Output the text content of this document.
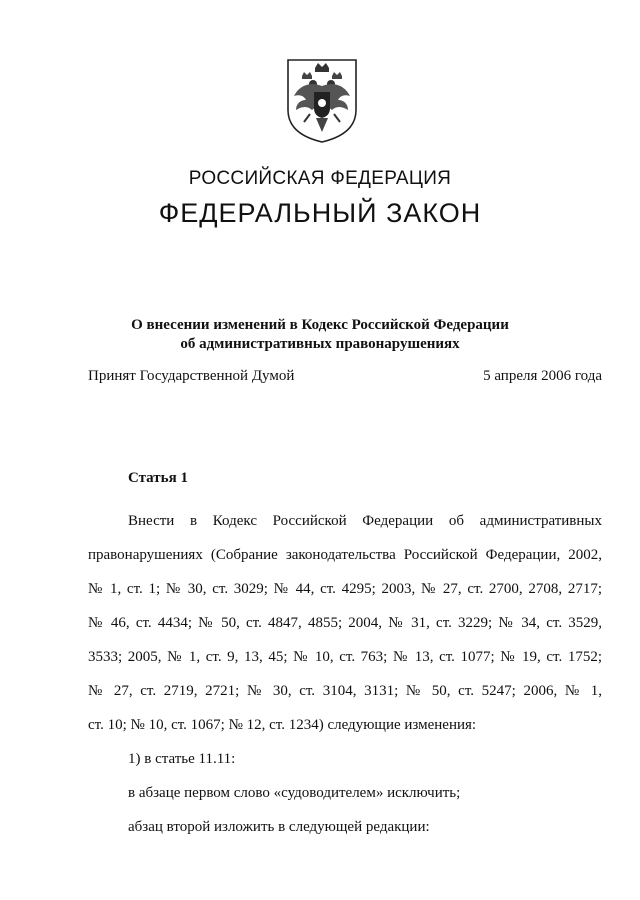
РОССИЙСКАЯ ФЕДЕРАЦИЯ
ФЕДЕРАЛЬНЫЙ ЗАКОН
О внесении изменений в Кодекс Российской Федерации
об административных правонарушениях
Принят Государственной Думой	5 апреля 2006 года
Статья 1

Внести в Кодекс Российской Федерации об административных

правонарушениях (Собрание законодательства Российской Федерации, 2002,

№ 1, ст. 1; № 30, ст. 3029; № 44, ст. 4295; 2003, № 27, ст. 2700, 2708, 2717;

№ 46, ст. 4434; № 50, ст. 4847, 4855; 2004, № 31, ст. 3229; № 34, ст. 3529,

3533; 2005, № 1, ст. 9, 13, 45; № 10, ст. 763; № 13, ст. 1077; № 19, ст. 1752;

№ 27, ст. 2719, 2721; № 30, ст. 3104, 3131; № 50, ст. 5247; 2006, № 1,

ст. 10; № 10, ст. 1067; № 12, ст. 1234) следующие изменения:

1) в статье 11.11:

в абзаце первом слово «судоводителем» исключить;

абзац второй изложить в следующей редакции:
